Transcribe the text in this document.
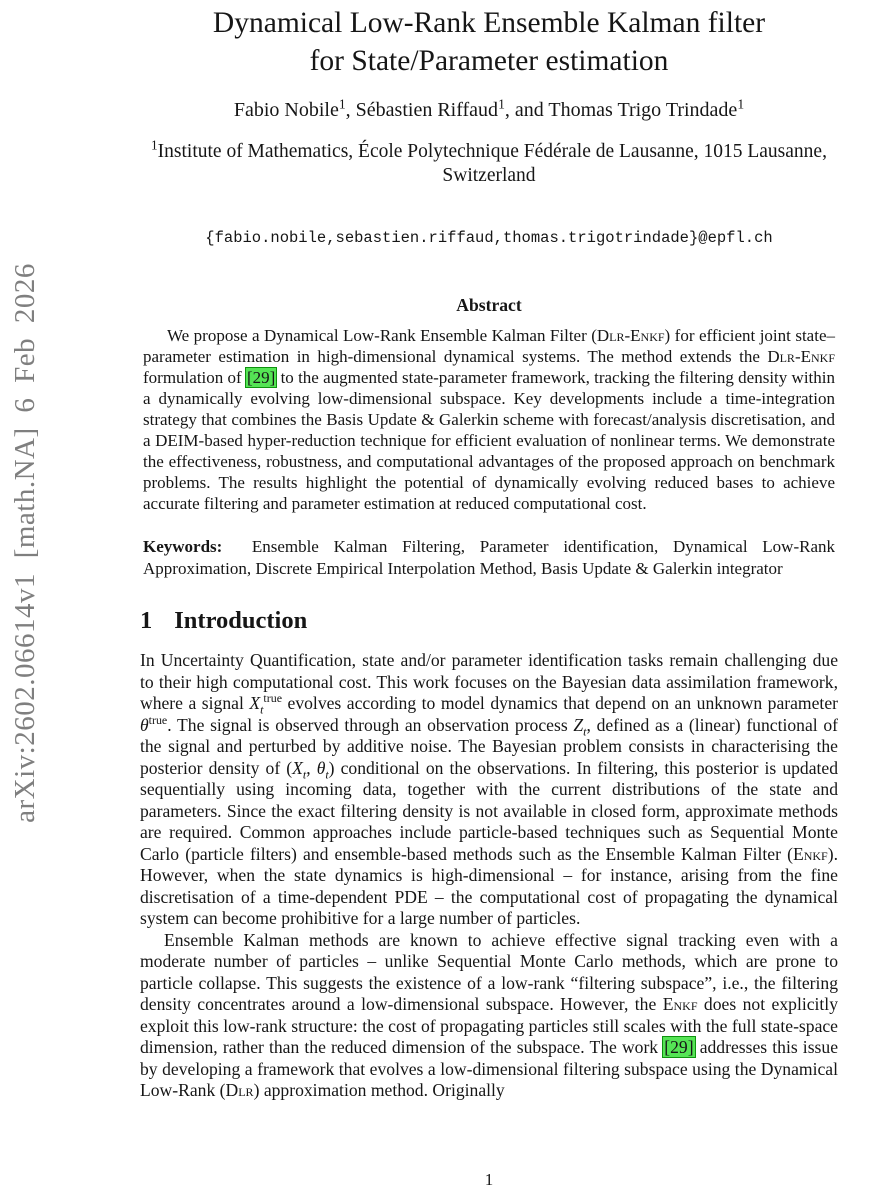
arXiv:2602.06614v1 [math.NA] 6 Feb 2026
Dynamical Low-Rank Ensemble Kalman filter
for State/Parameter estimation
Fabio Nobile$^1$, Sébastien Riffaud$^1$, and Thomas Trigo Trindade$^1$
$^1$Institute of Mathematics, École Polytechnique Fédérale de Lausanne, 1015 Lausanne, Switzerland
{fabio.nobile,sebastien.riffaud,thomas.trigotrindade}@epfl.ch
Abstract

We propose a Dynamical Low-Rank Ensemble Kalman Filter (Dlr-Enkf) for efficient joint state–parameter estimation in high-dimensional dynamical systems. The method extends the Dlr-Enkf formulation of [29] to the augmented state-parameter framework, tracking the filtering density within a dynamically evolving low-dimensional subspace. Key developments include a time-integration strategy that combines the Basis Update & Galerkin scheme with forecast/analysis discretisation, and a DEIM-based hyper-reduction technique for efficient evaluation of nonlinear terms. We demonstrate the effectiveness, robustness, and computational advantages of the proposed approach on benchmark problems. The results highlight the potential of dynamically evolving reduced bases to achieve accurate filtering and parameter estimation at reduced computational cost.

Keywords:  Ensemble Kalman Filtering, Parameter identification, Dynamical Low-Rank Approximation, Discrete Empirical Interpolation Method, Basis Update & Galerkin integrator

1 Introduction

In Uncertainty Quantification, state and/or parameter identification tasks remain challenging due to their high computational cost. This work focuses on the Bayesian data assimilation framework, where a signal $X_t^{true}$ evolves according to model dynamics that depend on an unknown parameter $\theta^{true}$. The signal is observed through an observation process $Z_t$, defined as a (linear) functional of the signal and perturbed by additive noise. The Bayesian problem consists in characterising the posterior density of ($X_t$, $\theta_t$) conditional on the observations. In filtering, this posterior is updated sequentially using incoming data, together with the current distributions of the state and parameters. Since the exact filtering density is not available in closed form, approximate methods are required. Common approaches include particle-based techniques such as Sequential Monte Carlo (particle filters) and ensemble-based methods such as the Ensemble Kalman Filter (Enkf). However, when the state dynamics is high-dimensional – for instance, arising from the fine discretisation of a time-dependent PDE – the computational cost of propagating the dynamical system can become prohibitive for a large number of particles.

Ensemble Kalman methods are known to achieve effective signal tracking even with a moderate number of particles – unlike Sequential Monte Carlo methods, which are prone to particle collapse. This suggests the existence of a low-rank “filtering subspace”, i.e., the filtering density concentrates around a low-dimensional subspace. However, the Enkf does not explicitly exploit this low-rank structure: the cost of propagating particles still scales with the full state-space dimension, rather than the reduced dimension of the subspace. The work [29] addresses this issue by developing a framework that evolves a low-dimensional filtering subspace using the Dynamical Low-Rank (Dlr) approximation method. Originally

1
